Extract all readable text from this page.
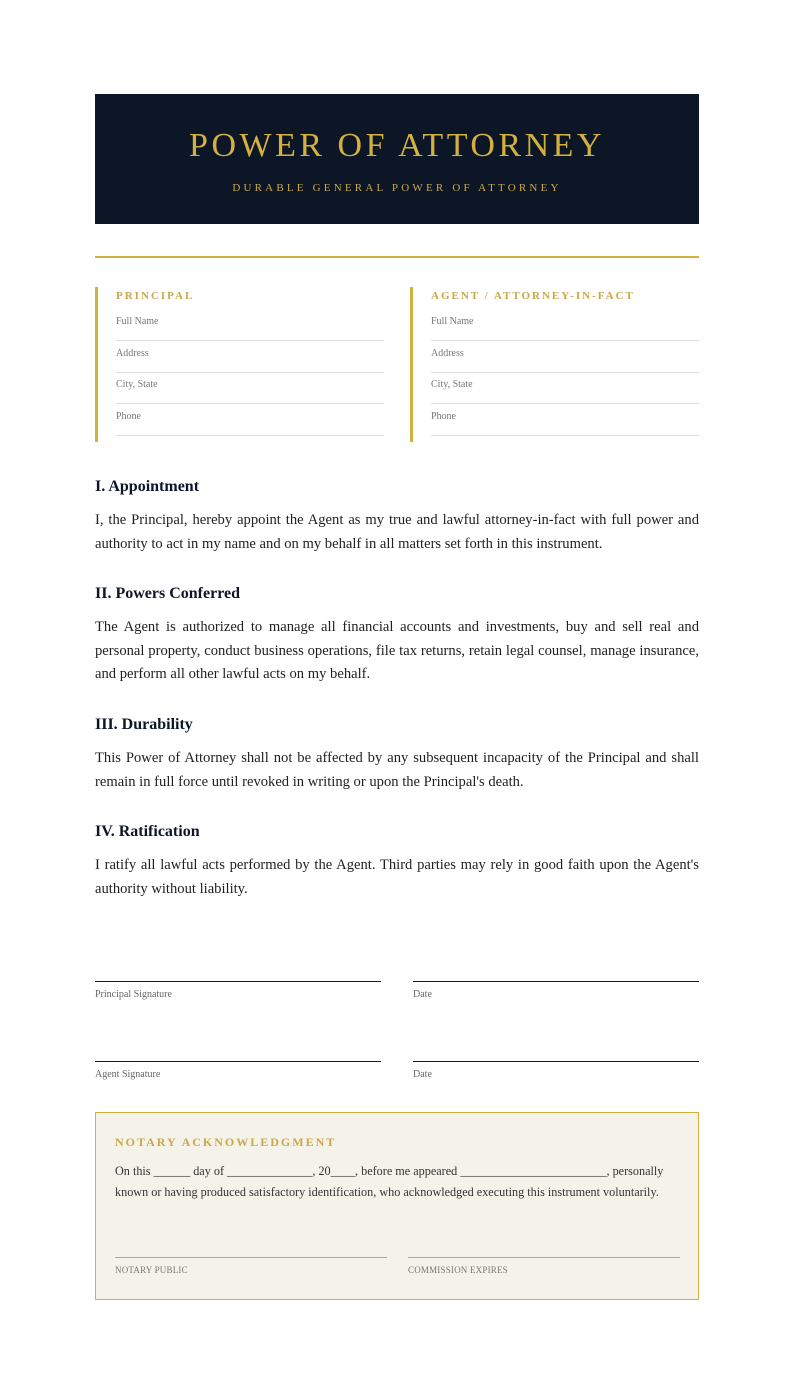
POWER OF ATTORNEY
DURABLE GENERAL POWER OF ATTORNEY
PRINCIPAL
Full Name
Address
City, State
Phone
AGENT / ATTORNEY-IN-FACT
Full Name
Address
City, State
Phone
I. Appointment
I, the Principal, hereby appoint the Agent as my true and lawful attorney-in-fact with full power and authority to act in my name and on my behalf in all matters set forth in this instrument.
II. Powers Conferred
The Agent is authorized to manage all financial accounts and investments, buy and sell real and personal property, conduct business operations, file tax returns, retain legal counsel, manage insurance, and perform all other lawful acts on my behalf.
III. Durability
This Power of Attorney shall not be affected by any subsequent incapacity of the Principal and shall remain in full force until revoked in writing or upon the Principal's death.
IV. Ratification
I ratify all lawful acts performed by the Agent. Third parties may rely in good faith upon the Agent's authority without liability.
Principal Signature	Date
Agent Signature	Date
NOTARY ACKNOWLEDGMENT
On this ______ day of ______________, 20____, before me appeared ________________________, personally known or having produced satisfactory identification, who acknowledged executing this instrument voluntarily.
NOTARY PUBLIC	COMMISSION EXPIRES
